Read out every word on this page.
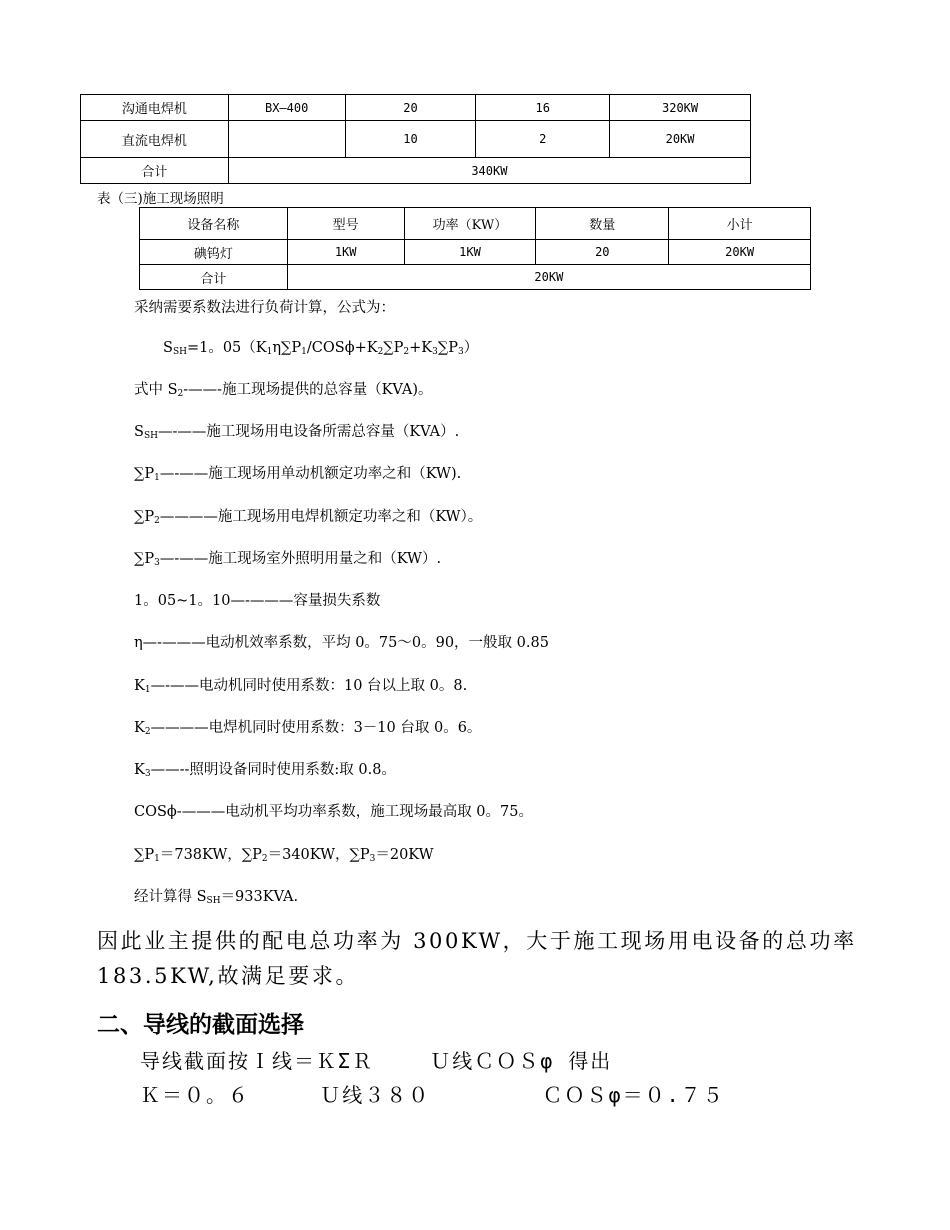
沟通电焊机	BX—400	20	16	320KW
直流电焊机		10	2	20KW
合计	340KW			
表（三)施工现场照明
设备名称	型号	功率（KW）	数量	小计
碘钨灯	1KW	1KW	20	20KW
合计	20KW			
采纳需要系数法进行负荷计算，公式为：
$S_{SH}=1$。$05(K_1\eta\sum P_1/COS\phi+K_2\sum P_2+K_3\sum P_3)$
式中 $S_2-——-$施工现场提供的总容量（KVA)。
$S_{SH}—-——$施工现场用电设备所需总容量（KVA）.
$\sum P_1—-——$施工现场用单动机额定功率之和（KW).
$\sum P_2————$施工现场用电焊机额定功率之和（KW）。
$\sum P_3—-——$施工现场室外照明用量之和（KW）.
1。05~1。10—-———容量损失系数
η—-———电动机效率系数，平均 0。75～0。90，一般取 0.85
$K_1—-——$电动机同时使用系数：10 台以上取 0。8.
$K_2————$电焊机同时使用系数：3－10 台取 0。6。
$K_3——--$照明设备同时使用系数:取 0.8。
COSϕ-———电动机平均功率系数，施工现场最高取 0。75。
$\sum P_1=738KW$，$\sum P_2=340KW$，$\sum P_3=20KW$
经计算得 $S_{SH}=933KVA$.
因此业主提供的配电总功率为 300KW，大于施工现场用电设备的总功率
183.5KW,故满足要求。
二、导线的截面选择
导线截面按Ｉ线＝ＫΣＲ    Ｕ线ＣＯＳφ 得出
Ｋ＝０。６     Ｕ线３８０        ＣＯＳφ＝０.７５
